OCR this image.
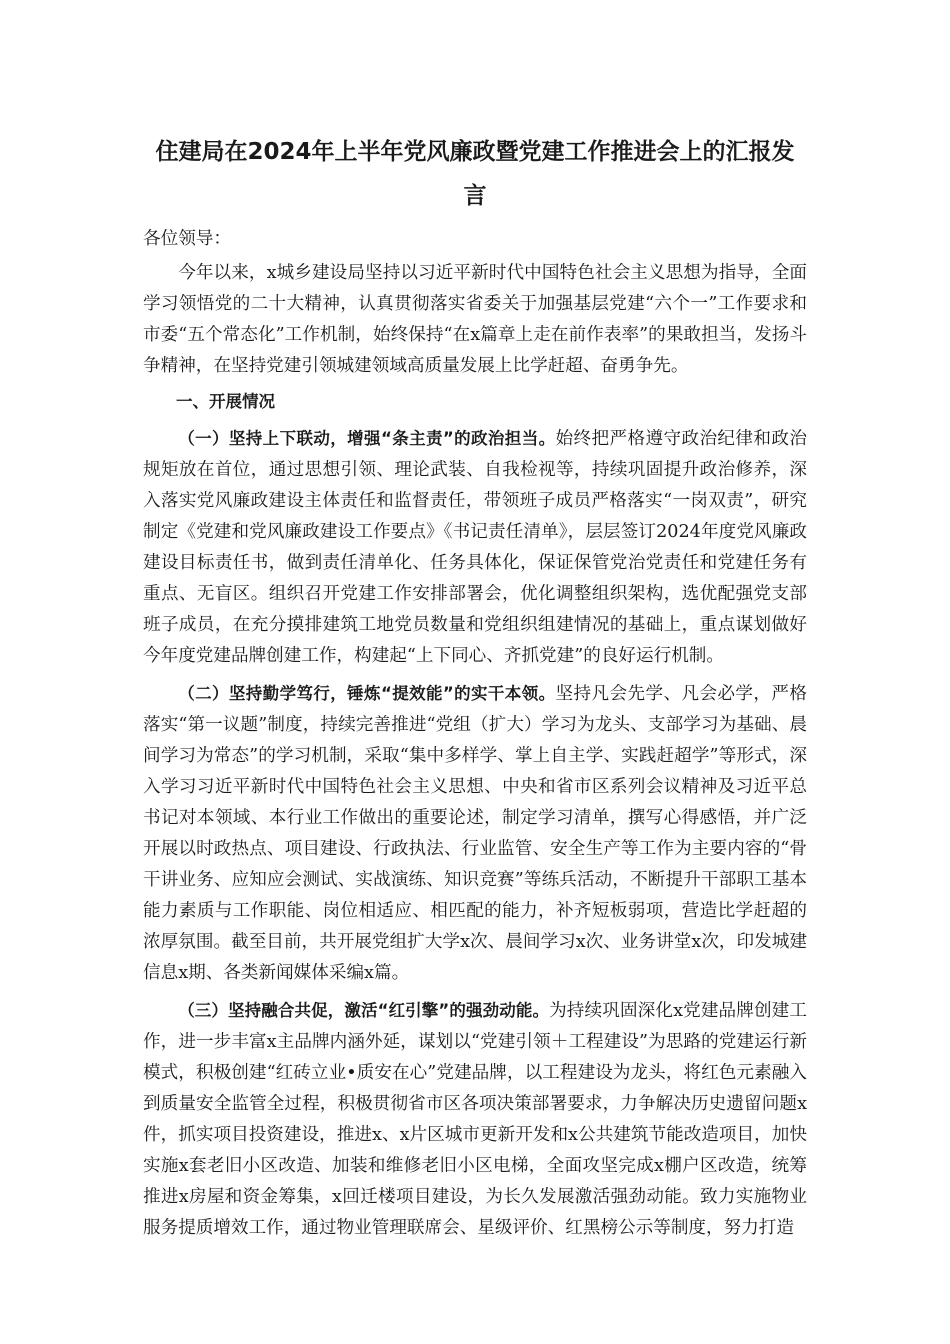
住建局在2024年上半年党风廉政暨党建工作推进会上的汇报发
言

各位领导：

今年以来，x城乡建设局坚持以习近平新时代中国特色社会主义思想为指导，全面学习领悟党的二十大精神，认真贯彻落实省委关于加强基层党建“六个一”工作要求和市委“五个常态化”工作机制，始终保持“在x篇章上走在前作表率”的果敢担当，发扬斗争精神，在坚持党建引领城建领域高质量发展上比学赶超、奋勇争先。

一、开展情况

（一）坚持上下联动，增强“条主责”的政治担当。始终把严格遵守政治纪律和政治规矩放在首位，通过思想引领、理论武装、自我检视等，持续巩固提升政治修养，深入落实党风廉政建设主体责任和监督责任，带领班子成员严格落实“一岗双责”，研究制定《党建和党风廉政建设工作要点》《书记责任清单》，层层签订2024年度党风廉政建设目标责任书，做到责任清单化、任务具体化，保证保管党治党责任和党建任务有重点、无盲区。组织召开党建工作安排部署会，优化调整组织架构，选优配强党支部班子成员，在充分摸排建筑工地党员数量和党组织组建情况的基础上，重点谋划做好今年度党建品牌创建工作，构建起“上下同心、齐抓党建”的良好运行机制。

（二）坚持勤学笃行，锤炼“提效能”的实干本领。坚持凡会先学、凡会必学，严格落实“第一议题”制度，持续完善推进“党组（扩大）学习为龙头、支部学习为基础、晨间学习为常态”的学习机制，采取“集中多样学、掌上自主学、实践赶超学”等形式，深入学习习近平新时代中国特色社会主义思想、中央和省市区系列会议精神及习近平总书记对本领域、本行业工作做出的重要论述，制定学习清单，撰写心得感悟，并广泛开展以时政热点、项目建设、行政执法、行业监管、安全生产等工作为主要内容的“骨干讲业务、应知应会测试、实战演练、知识竞赛”等练兵活动，不断提升干部职工基本能力素质与工作职能、岗位相适应、相匹配的能力，补齐短板弱项，营造比学赶超的浓厚氛围。截至目前，共开展党组扩大学x次、晨间学习x次、业务讲堂x次，印发城建信息x期、各类新闻媒体采编x篇。

（三）坚持融合共促，激活“红引擎”的强劲动能。为持续巩固深化x党建品牌创建工作，进一步丰富x主品牌内涵外延，谋划以“党建引领＋工程建设”为思路的党建运行新模式，积极创建“红砖立业•质安在心”党建品牌，以工程建设为龙头，将红色元素融入到质量安全监管全过程，积极贯彻省市区各项决策部署要求，力争解决历史遗留问题x件，抓实项目投资建设，推进x、x片区城市更新开发和x公共建筑节能改造项目，加快实施x套老旧小区改造、加装和维修老旧小区电梯，全面攻坚完成x棚户区改造，统筹推进x房屋和资金筹集，x回迁楼项目建设，为长久发展激活强劲动能。致力实施物业服务提质增效工作，通过物业管理联席会、星级评价、红黑榜公示等制度，努力打造
